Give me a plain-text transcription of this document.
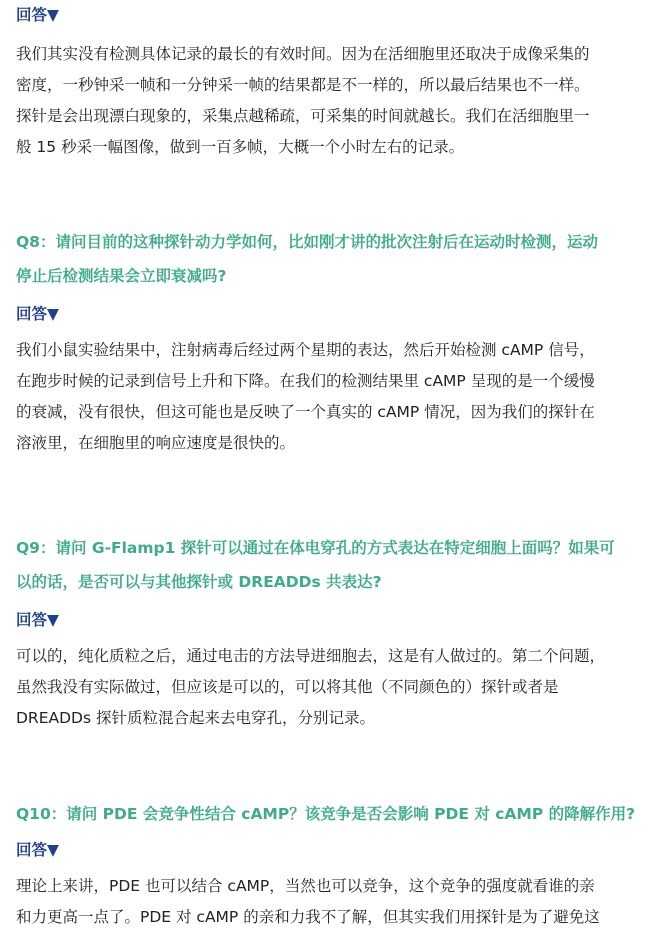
回答▼

我们其实没有检测具体记录的最长的有效时间。因为在活细胞里还取决于成像采集的
密度，一秒钟采一帧和一分钟采一帧的结果都是不一样的，所以最后结果也不一样。
探针是会出现漂白现象的，采集点越稀疏，可采集的时间就越长。我们在活细胞里一
般 15 秒采一幅图像，做到一百多帧，大概一个小时左右的记录。

Q8：请问目前的这种探针动力学如何，比如刚才讲的批次注射后在运动时检测，运动
停止后检测结果会立即衰减吗?

回答▼

我们小鼠实验结果中，注射病毒后经过两个星期的表达，然后开始检测 cAMP 信号，
在跑步时候的记录到信号上升和下降。在我们的检测结果里 cAMP 呈现的是一个缓慢
的衰减，没有很快，但这可能也是反映了一个真实的 cAMP 情况，因为我们的探针在
溶液里，在细胞里的响应速度是很快的。

Q9：请问 G-Flamp1 探针可以通过在体电穿孔的方式表达在特定细胞上面吗？如果可
以的话，是否可以与其他探针或 DREADDs 共表达?

回答▼

可以的，纯化质粒之后，通过电击的方法导进细胞去，这是有人做过的。第二个问题，
虽然我没有实际做过，但应该是可以的，可以将其他（不同颜色的）探针或者是
DREADDs 探针质粒混合起来去电穿孔，分别记录。

Q10：请问 PDE 会竞争性结合 cAMP？该竞争是否会影响 PDE 对 cAMP 的降解作用?

回答▼

理论上来讲，PDE 也可以结合 cAMP，当然也可以竞争，这个竞争的强度就看谁的亲
和力更高一点了。PDE 对 cAMP 的亲和力我不了解，但其实我们用探针是为了避免这
